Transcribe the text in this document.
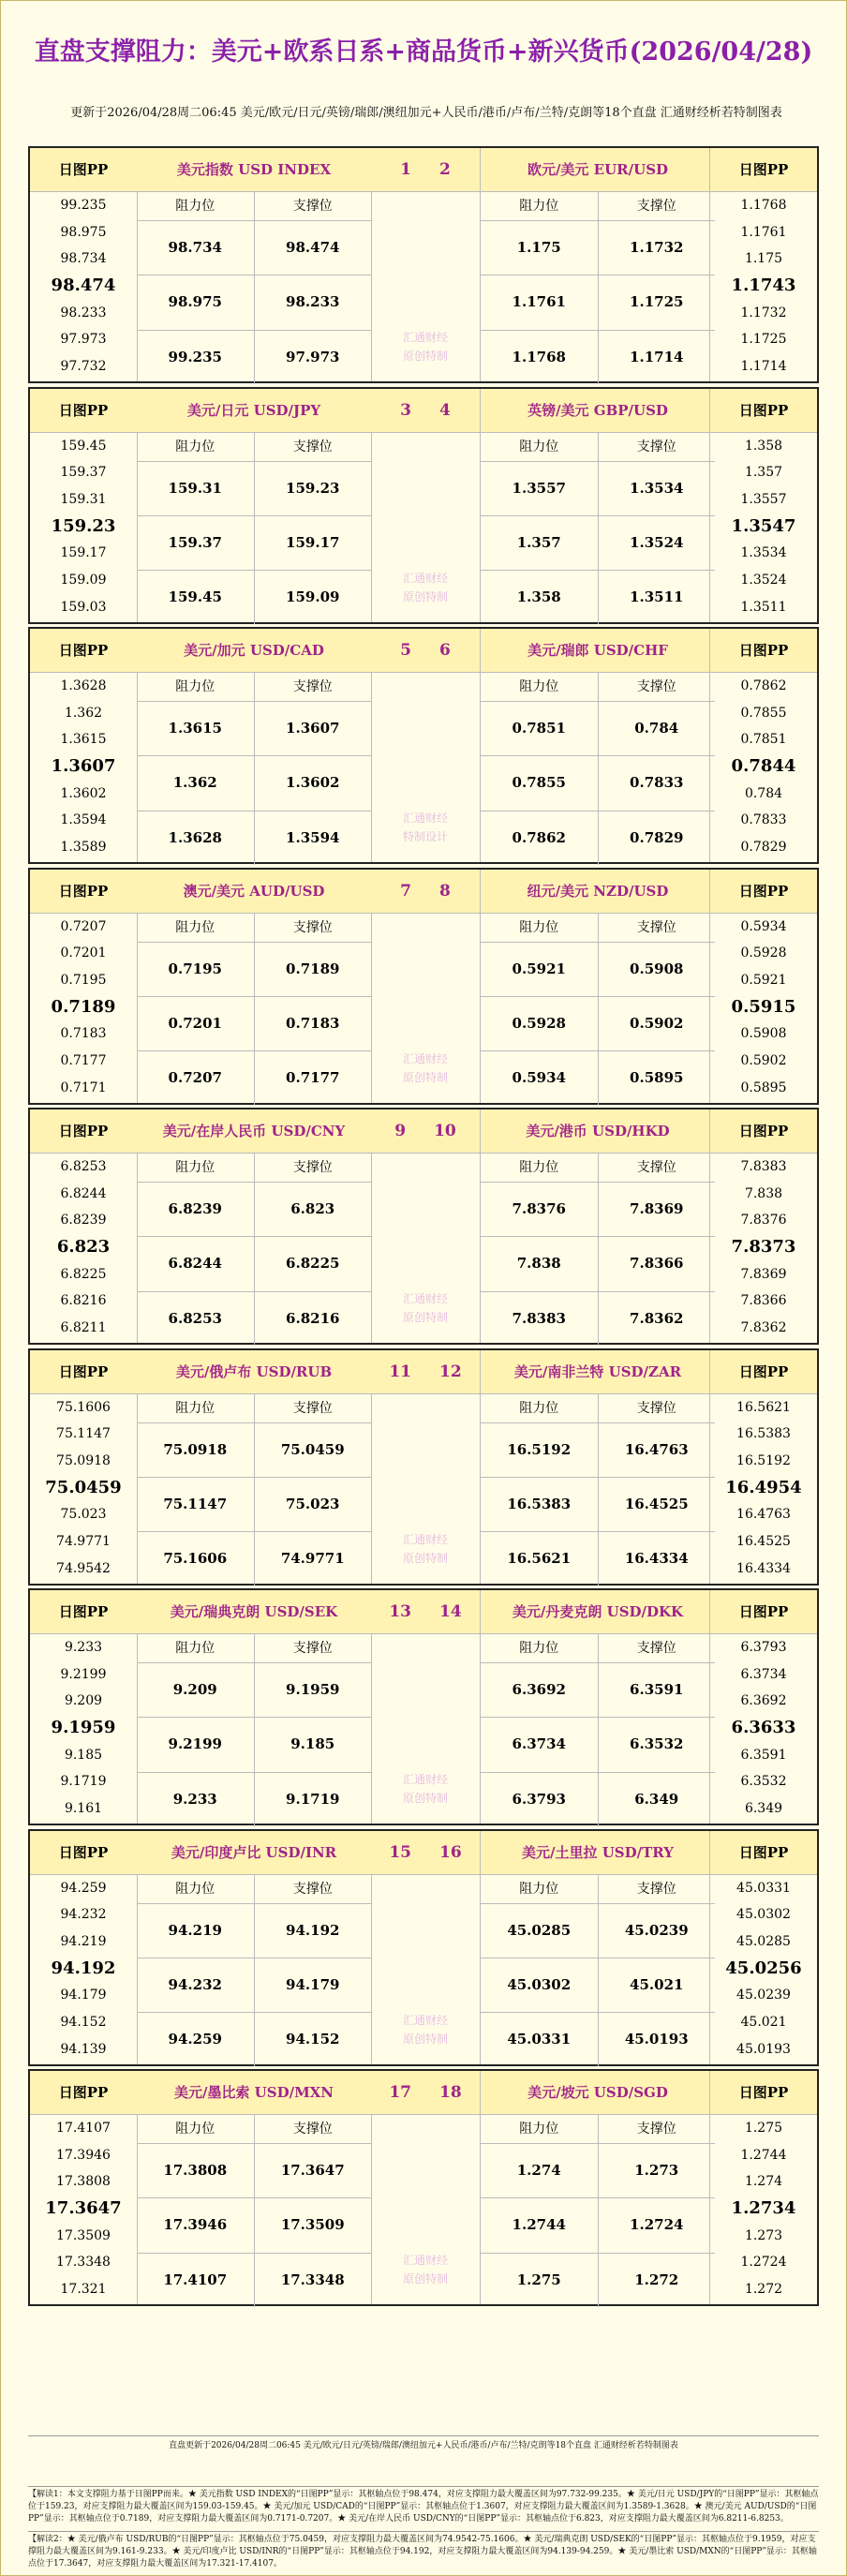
直盘支撑阻力：美元+欧系日系+商品货币+新兴货币(2026/04/28)
更新于2026/04/28周二06:45 美元/欧元/日元/英镑/瑞郎/澳纽加元+人民币/港币/卢布/兰特/克朗等18个直盘 汇通财经析若特制图表
日图PP
99.235
98.975
98.734
98.474
98.233
97.973
97.732
美元指数 USD INDEX
阻力位	支撑位
98.734	98.474
98.975	98.233
99.235	97.973
1 2
汇通财经
原创特制
欧元/美元 EUR/USD
阻力位	支撑位
1.175	1.1732
1.1761	1.1725
1.1768	1.1714
日图PP
1.1768
1.1761
1.175
1.1743
1.1732
1.1725
1.1714
日图PP
159.45
159.37
159.31
159.23
159.17
159.09
159.03
美元/日元 USD/JPY
阻力位	支撑位
159.31	159.23
159.37	159.17
159.45	159.09
3 4
汇通财经
原创特制
英镑/美元 GBP/USD
阻力位	支撑位
1.3557	1.3534
1.357	1.3524
1.358	1.3511
日图PP
1.358
1.357
1.3557
1.3547
1.3534
1.3524
1.3511
日图PP
1.3628
1.362
1.3615
1.3607
1.3602
1.3594
1.3589
美元/加元 USD/CAD
阻力位	支撑位
1.3615	1.3607
1.362	1.3602
1.3628	1.3594
5 6
汇通财经
特制设计
美元/瑞郎 USD/CHF
阻力位	支撑位
0.7851	0.784
0.7855	0.7833
0.7862	0.7829
日图PP
0.7862
0.7855
0.7851
0.7844
0.784
0.7833
0.7829
日图PP
0.7207
0.7201
0.7195
0.7189
0.7183
0.7177
0.7171
澳元/美元 AUD/USD
阻力位	支撑位
0.7195	0.7189
0.7201	0.7183
0.7207	0.7177
7 8
汇通财经
原创特制
纽元/美元 NZD/USD
阻力位	支撑位
0.5921	0.5908
0.5928	0.5902
0.5934	0.5895
日图PP
0.5934
0.5928
0.5921
0.5915
0.5908
0.5902
0.5895
日图PP
6.8253
6.8244
6.8239
6.823
6.8225
6.8216
6.8211
美元/在岸人民币 USD/CNY
阻力位	支撑位
6.8239	6.823
6.8244	6.8225
6.8253	6.8216
9 10
汇通财经
原创特制
美元/港币 USD/HKD
阻力位	支撑位
7.8376	7.8369
7.838	7.8366
7.8383	7.8362
日图PP
7.8383
7.838
7.8376
7.8373
7.8369
7.8366
7.8362
日图PP
75.1606
75.1147
75.0918
75.0459
75.023
74.9771
74.9542
美元/俄卢布 USD/RUB
阻力位	支撑位
75.0918	75.0459
75.1147	75.023
75.1606	74.9771
11 12
汇通财经
原创特制
美元/南非兰特 USD/ZAR
阻力位	支撑位
16.5192	16.4763
16.5383	16.4525
16.5621	16.4334
日图PP
16.5621
16.5383
16.5192
16.4954
16.4763
16.4525
16.4334
日图PP
9.233
9.2199
9.209
9.1959
9.185
9.1719
9.161
美元/瑞典克朗 USD/SEK
阻力位	支撑位
9.209	9.1959
9.2199	9.185
9.233	9.1719
13 14
汇通财经
原创特制
美元/丹麦克朗 USD/DKK
阻力位	支撑位
6.3692	6.3591
6.3734	6.3532
6.3793	6.349
日图PP
6.3793
6.3734
6.3692
6.3633
6.3591
6.3532
6.349
日图PP
94.259
94.232
94.219
94.192
94.179
94.152
94.139
美元/印度卢比 USD/INR
阻力位	支撑位
94.219	94.192
94.232	94.179
94.259	94.152
15 16
汇通财经
原创特制
美元/土里拉 USD/TRY
阻力位	支撑位
45.0285	45.0239
45.0302	45.021
45.0331	45.0193
日图PP
45.0331
45.0302
45.0285
45.0256
45.0239
45.021
45.0193
日图PP
17.4107
17.3946
17.3808
17.3647
17.3509
17.3348
17.321
美元/墨比索 USD/MXN
阻力位	支撑位
17.3808	17.3647
17.3946	17.3509
17.4107	17.3348
17 18
汇通财经
原创特制
美元/坡元 USD/SGD
阻力位	支撑位
1.274	1.273
1.2744	1.2724
1.275	1.272
日图PP
1.275
1.2744
1.274
1.2734
1.273
1.2724
1.272
直盘更新于2026/04/28周二06:45 美元/欧元/日元/英镑/瑞郎/澳纽加元+人民币/港币/卢布/兰特/克朗等18个直盘 汇通财经析若特制图表
【解读1：本文支撑阻力基于日图PP而来。★ 美元指数 USD INDEX的“日图PP”显示：其枢轴点位于98.474，对应支撑阻力最大覆盖区间为97.732-99.235。★ 美元/日元 USD/JPY的“日图PP”显示：其枢轴点位于159.23，对应支撑阻力最大覆盖区间为159.03-159.45。★ 美元/加元 USD/CAD的“日图PP”显示：其枢轴点位于1.3607，对应支撑阻力最大覆盖区间为1.3589-1.3628。★ 澳元/美元 AUD/USD的“日图PP”显示：其枢轴点位于0.7189，对应支撑阻力最大覆盖区间为0.7171-0.7207。★ 美元/在岸人民币 USD/CNY的“日图PP”显示：其枢轴点位于6.823，对应支撑阻力最大覆盖区间为6.8211-6.8253。
【解读2：★ 美元/俄卢布 USD/RUB的“日图PP”显示：其枢轴点位于75.0459，对应支撑阻力最大覆盖区间为74.9542-75.1606。★ 美元/瑞典克朗 USD/SEK的“日图PP”显示：其枢轴点位于9.1959，对应支撑阻力最大覆盖区间为9.161-9.233。★ 美元/印度卢比 USD/INR的“日图PP”显示：其枢轴点位于94.192，对应支撑阻力最大覆盖区间为94.139-94.259。★ 美元/墨比索 USD/MXN的“日图PP”显示：其枢轴点位于17.3647，对应支撑阻力最大覆盖区间为17.321-17.4107。
